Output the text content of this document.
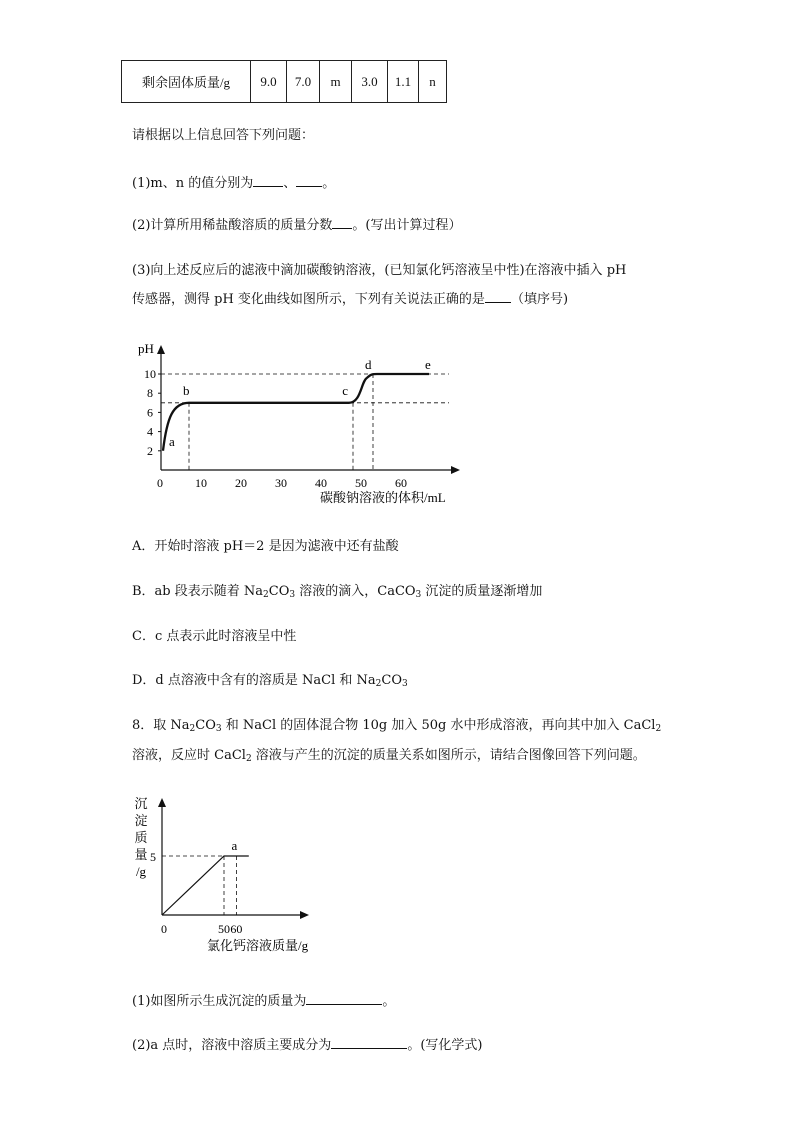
剩余固体质量/g	9.0	7.0	m	3.0	1.1	n
请根据以上信息回答下列问题：
(1)m、n 的值分别为 、 。
(2)计算所用稀盐酸溶质的质量分数 。(写出计算过程）
(3)向上述反应后的滤液中滴加碳酸钠溶液，(已知氯化钙溶液呈中性)在溶液中插入 pH
传感器，测得 pH 变化曲线如图所示，下列有关说法正确的是 （填序号)
2
4
6
8
10
0	10 20 30 40 50 60
a
b	c
d	e
pH
碳酸钠溶液的体积/mL
A．开始时溶液 pH＝2 是因为滤液中还有盐酸
B．ab 段表示随着 $Na_2CO_3$ 溶液的滴入，CaCO$_3$ 沉淀的质量逐渐增加
C．c 点表示此时溶液呈中性
D．d 点溶液中含有的溶质是 NaCl 和 $Na_2CO_3$
8．取 $Na_2CO_3$ 和 NaCl 的固体混合物 10g 加入 50g 水中形成溶液，再向其中加入 CaCl$_2$
溶液，反应时 CaCl$_2$ 溶液与产生的沉淀的质量关系如图所示，请结合图像回答下列问题。
沉
淀
质
量
/g
5
0	50 60
a
氯化钙溶液质量/g
(1)如图所示生成沉淀的质量为	。
(2)a 点时，溶液中溶质主要成分为	。(写化学式)
